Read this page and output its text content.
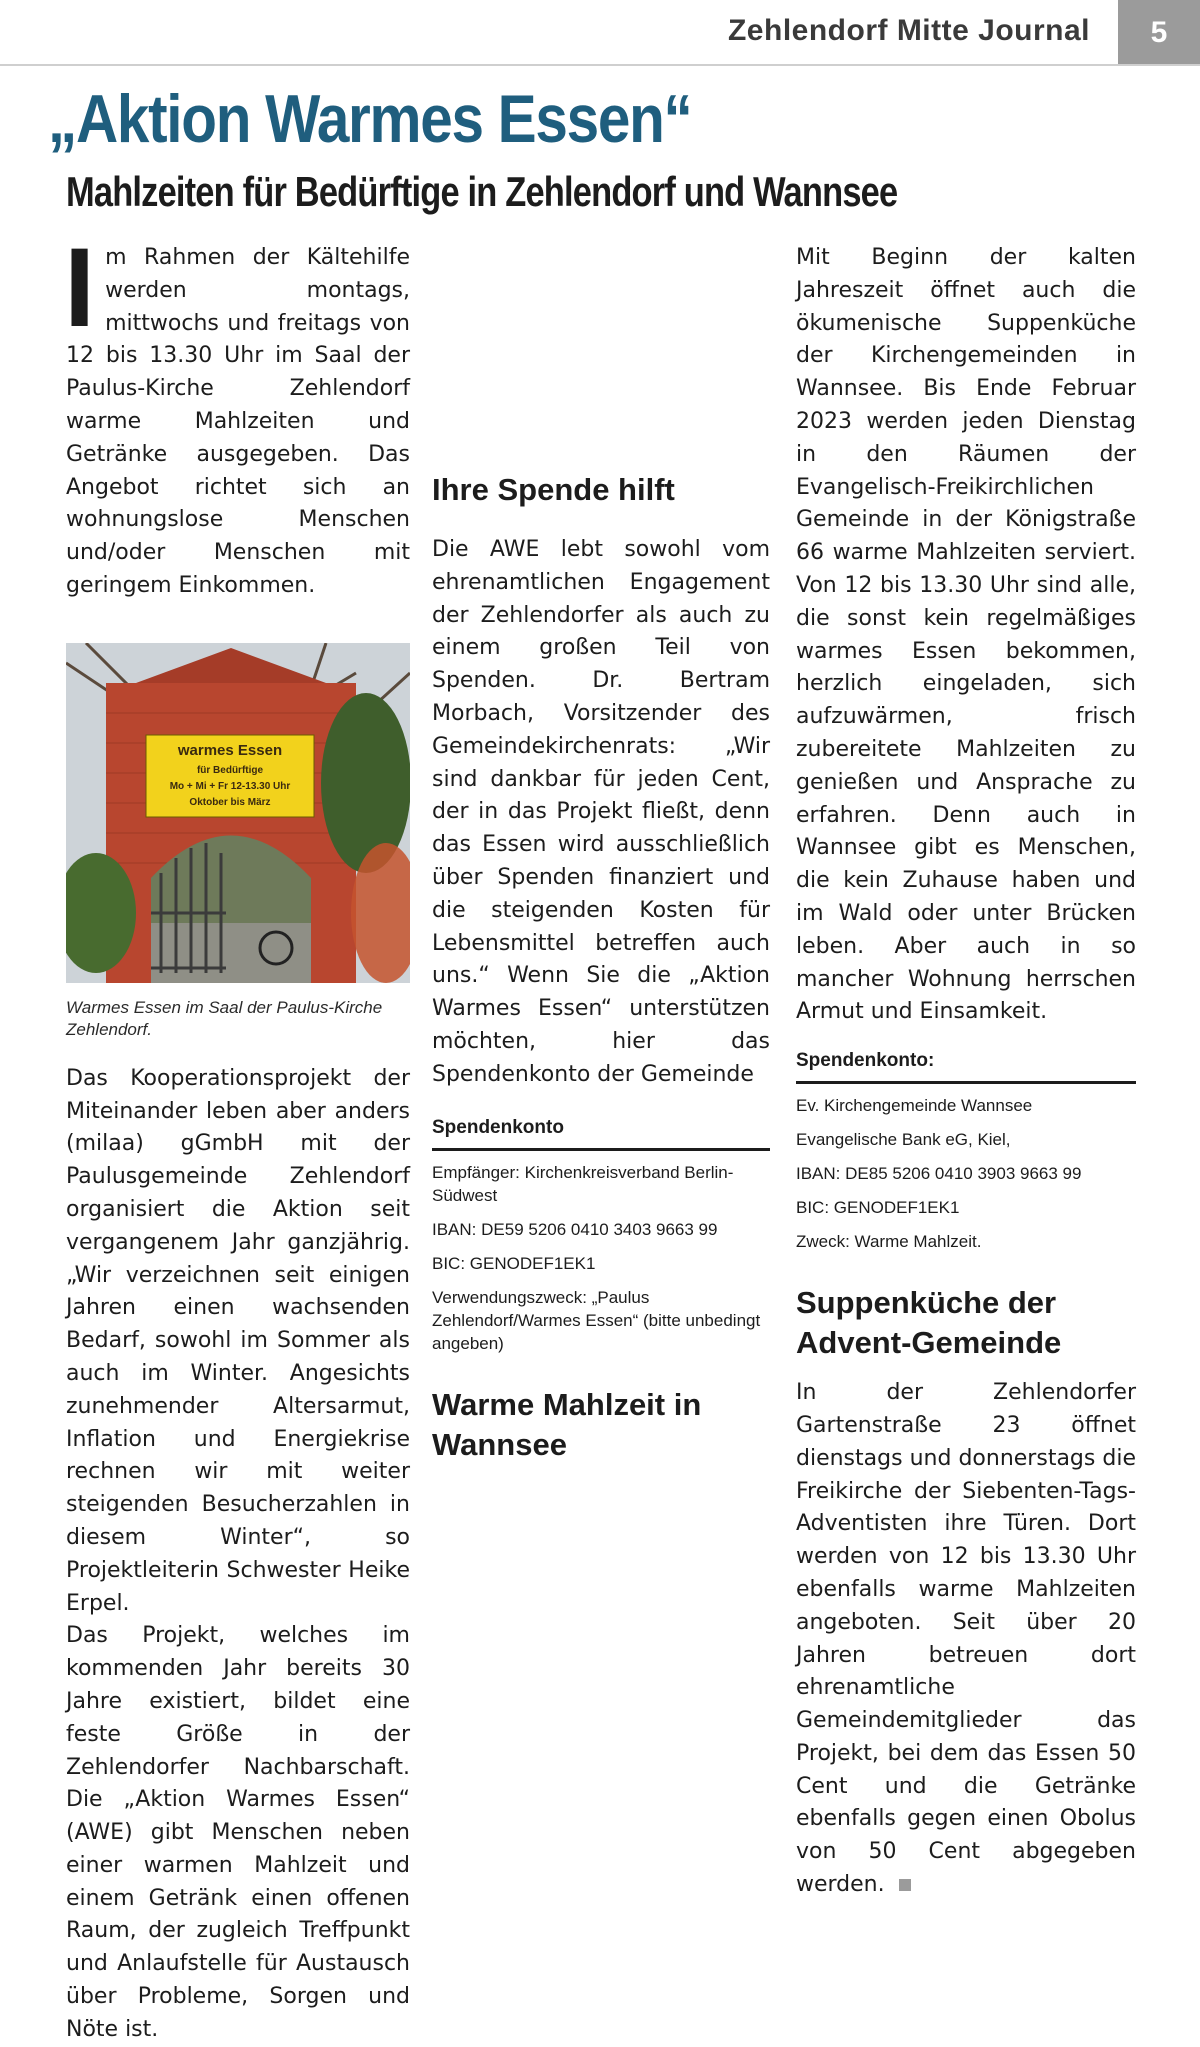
Zehlendorf Mitte Journal	5
„Aktion Warmes Essen“
Mahlzeiten für Bedürftige in Zehlendorf und Wannsee

Im Rahmen der Kältehilfe werden montags, mittwochs und freitags von 12 bis 13.30 Uhr im Saal der Paulus-Kirche Zehlendorf warme Mahlzeiten und Getränke ausgegeben. Das Angebot richtet sich an wohnungslose Menschen und/oder Menschen mit geringem Einkommen.

warmes Essen
für Bedürftige
Mo + Mi + Fr 12-13.30 Uhr
Oktober bis März
Warmes Essen im Saal der Paulus-Kirche Zehlendorf.

Das Kooperationsprojekt der Miteinander leben aber anders (milaa) gGmbH mit der Paulusgemeinde Zehlendorf organisiert die Aktion seit vergangenem Jahr ganzjährig. „Wir verzeichnen seit einigen Jahren einen wachsenden Bedarf, sowohl im Sommer als auch im Winter. Angesichts zunehmender Altersarmut, Inflation und Energiekrise rechnen wir mit weiter steigenden Besucherzahlen in diesem Winter“, so Projektleiterin Schwester Heike Erpel.

Das Projekt, welches im kommenden Jahr bereits 30 Jahre existiert, bildet eine feste Größe in der Zehlendorfer Nachbarschaft. Die „Aktion Warmes Essen“ (AWE) gibt Menschen neben einer warmen Mahlzeit und einem Getränk einen offenen Raum, der zugleich Treffpunkt und Anlaufstelle für Austausch über Probleme, Sorgen und Nöte ist.

Ihre Spende hilft

Die AWE lebt sowohl vom ehrenamtlichen Engagement der Zehlendorfer als auch zu einem großen Teil von Spenden. Dr. Bertram Morbach, Vorsitzender des Gemeindekirchenrats: „Wir sind dankbar für jeden Cent, der in das Projekt fließt, denn das Essen wird ausschließlich über Spenden finanziert und die steigenden Kosten für Lebensmittel betreffen auch uns.“ Wenn Sie die „Aktion Warmes Essen“ unterstützen möchten, hier das Spendenkonto der Gemeinde

Spendenkonto
Empfänger: Kirchenkreisverband Berlin-Südwest
IBAN: DE59 5206 0410 3403 9663 99
BIC: GENODEF1EK1
Verwendungszweck: „Paulus Zehlendorf/Warmes Essen“ (bitte unbedingt angeben)
Warme Mahlzeit in Wannsee

Mit Beginn der kalten Jahreszeit öffnet auch die ökumenische Suppenküche der Kirchengemeinden in Wannsee. Bis Ende Februar 2023 werden jeden Dienstag in den Räumen der Evangelisch-Freikirchlichen Gemeinde in der Königstraße 66 warme Mahlzeiten serviert. Von 12 bis 13.30 Uhr sind alle, die sonst kein regelmäßiges warmes Essen bekommen, herzlich eingeladen, sich aufzuwärmen, frisch zubereitete Mahlzeiten zu genießen und Ansprache zu erfahren. Denn auch in Wannsee gibt es Menschen, die kein Zuhause haben und im Wald oder unter Brücken leben. Aber auch in so mancher Wohnung herrschen Armut und Einsamkeit.

Spendenkonto:
Ev. Kirchengemeinde Wannsee
Evangelische Bank eG, Kiel,
IBAN: DE85 5206 0410 3903 9663 99
BIC: GENODEF1EK1
Zweck: Warme Mahlzeit.
Suppenküche der Advent-Gemeinde

In der Zehlendorfer Gartenstraße 23 öffnet dienstags und donnerstags die Freikirche der Siebenten-Tags-Adventisten ihre Türen. Dort werden von 12 bis 13.30 Uhr ebenfalls warme Mahlzeiten angeboten. Seit über 20 Jahren betreuen dort ehrenamtliche Gemeindemitglieder das Projekt, bei dem das Essen 50 Cent und die Getränke ebenfalls gegen einen Obolus von 50 Cent abgegeben werden.
